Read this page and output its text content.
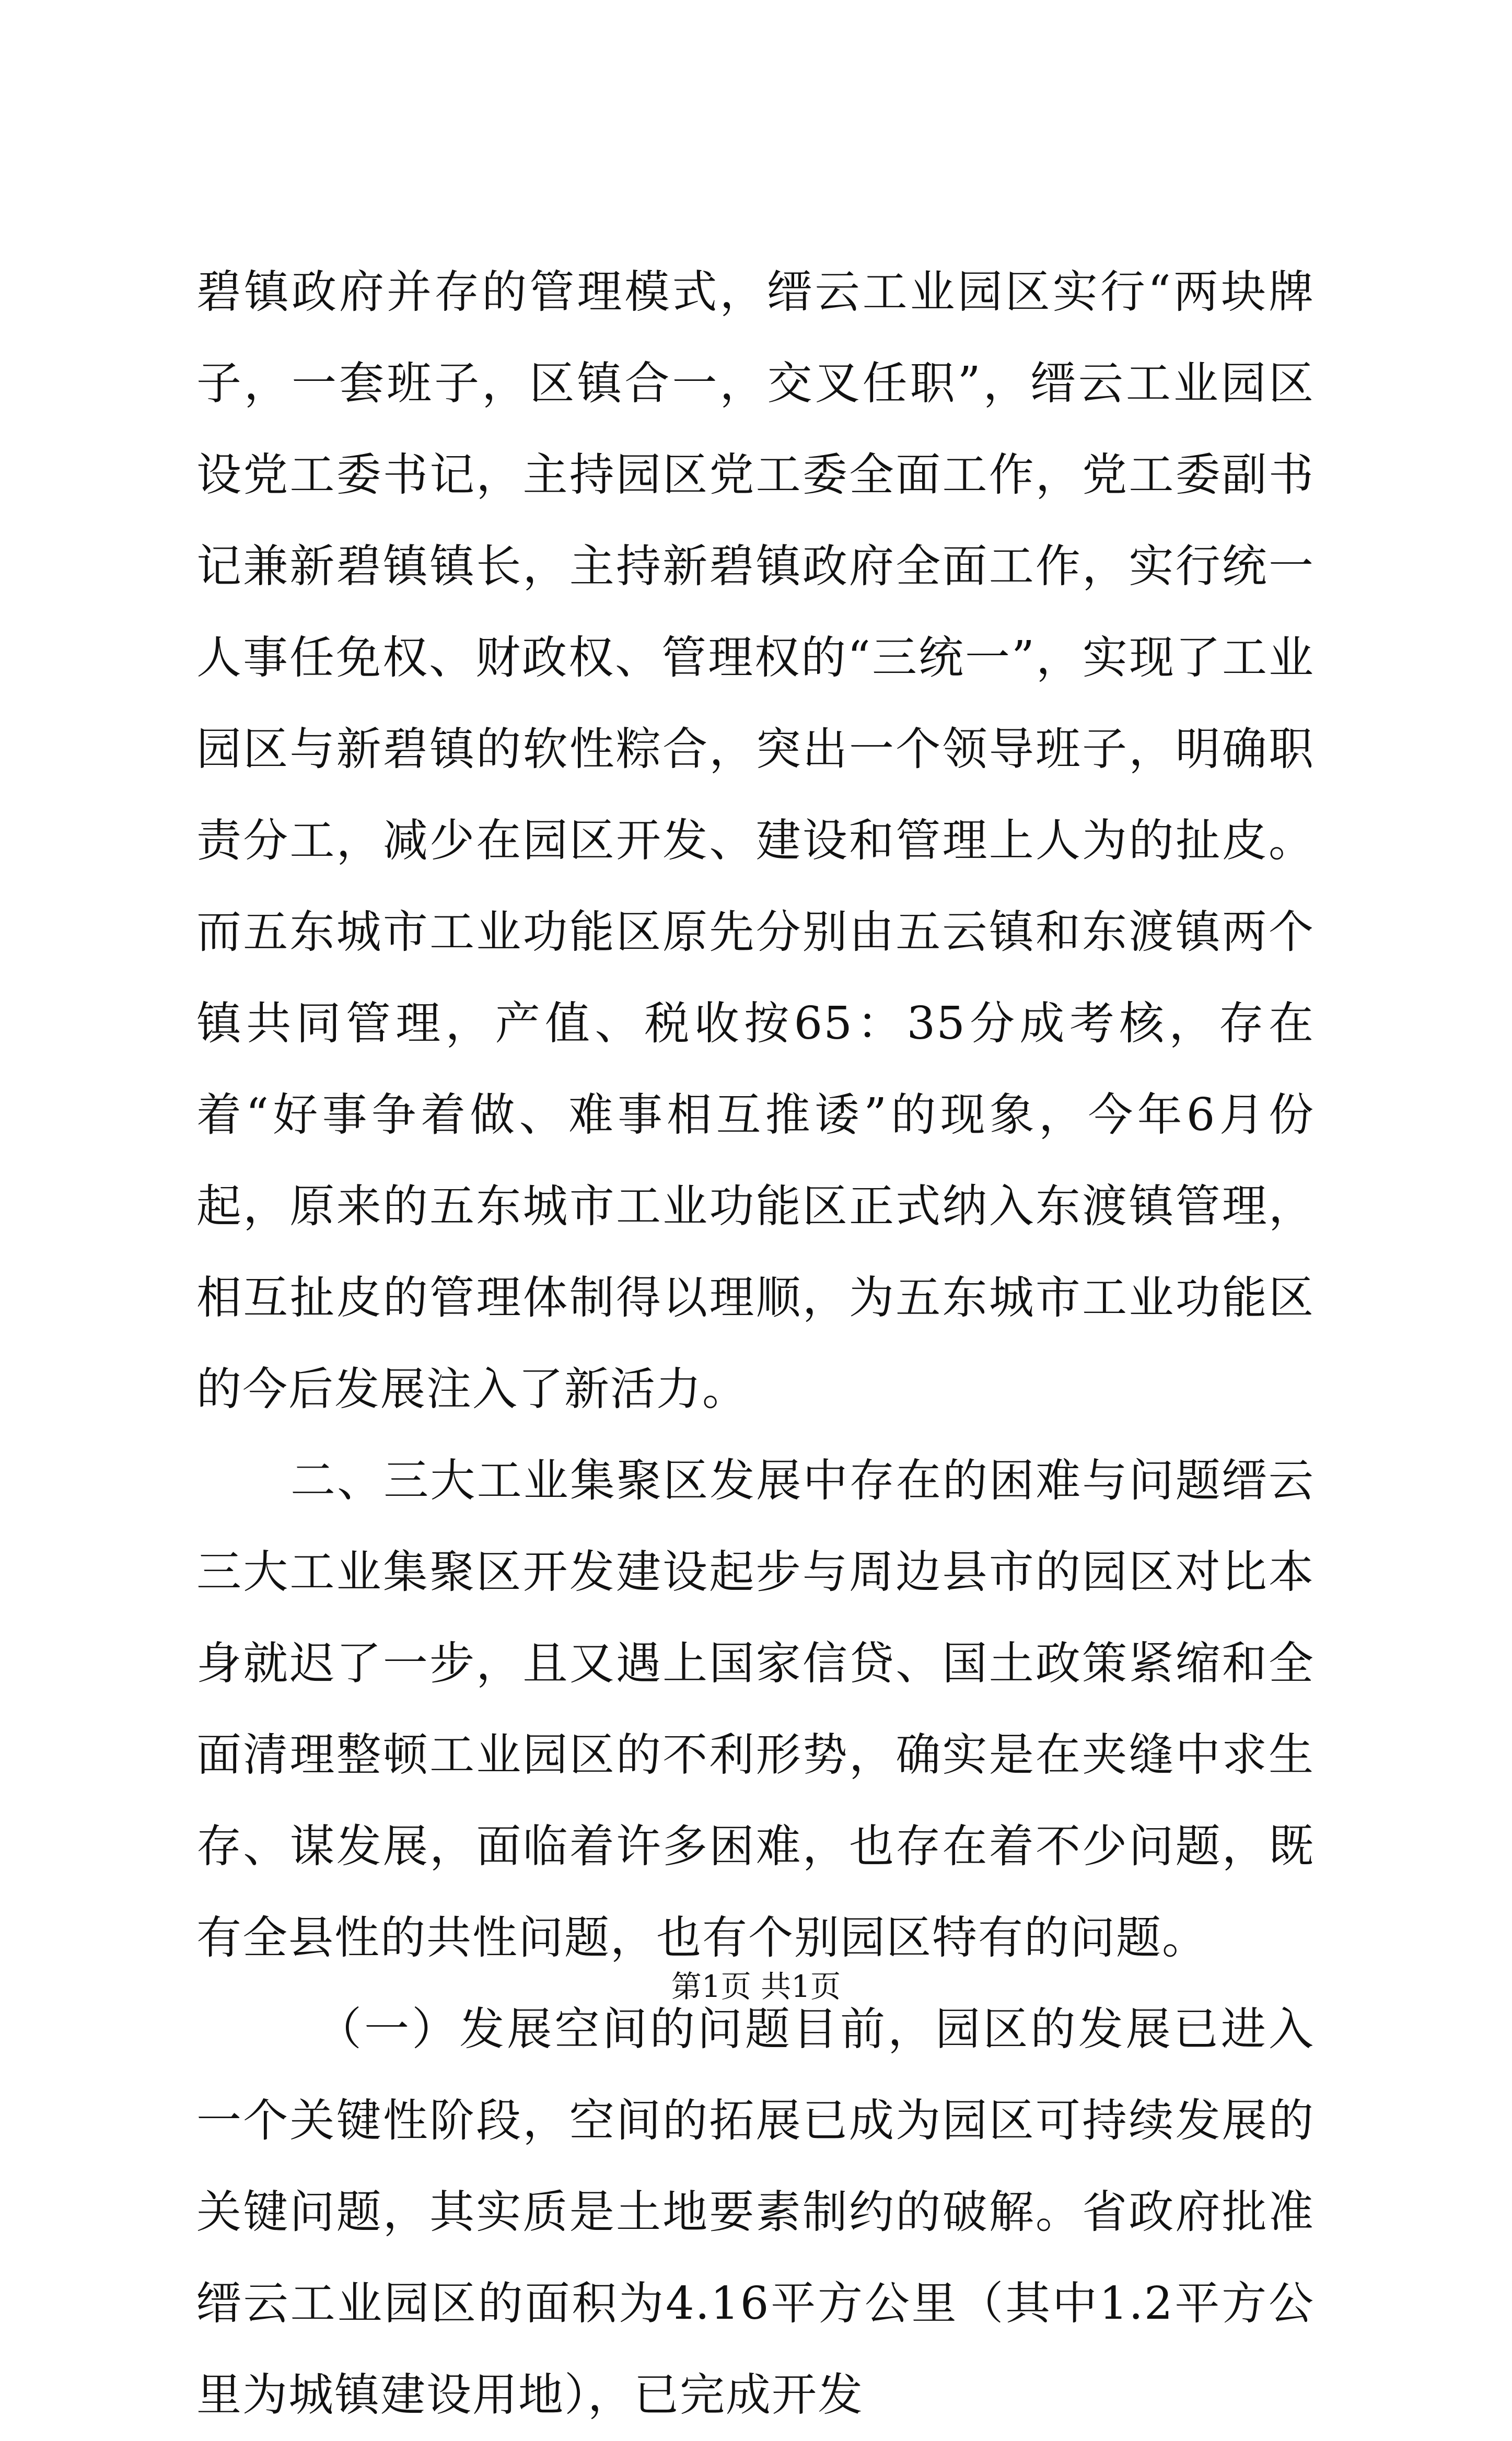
碧镇政府并存的管理模式，缙云工业园区实行“两块牌子，一套班子，区镇合一，交叉任职”，缙云工业园区设党工委书记，主持园区党工委全面工作，党工委副书记兼新碧镇镇长，主持新碧镇政府全面工作，实行统一人事任免权、财政权、管理权的“三统一”，实现了工业园区与新碧镇的软性粽合，突出一个领导班子，明确职责分工，减少在园区开发、建设和管理上人为的扯皮。而五东城市工业功能区原先分别由五云镇和东渡镇两个镇共同管理，产值、税收按65：35分成考核，存在着“好事争着做、难事相互推诿”的现象，今年6月份起，原来的五东城市工业功能区正式纳入东渡镇管理，相互扯皮的管理体制得以理顺，为五东城市工业功能区的今后发展注入了新活力。

二、三大工业集聚区发展中存在的困难与问题缙云三大工业集聚区开发建设起步与周边县市的园区对比本身就迟了一步，且又遇上国家信贷、国土政策紧缩和全面清理整顿工业园区的不利形势，确实是在夹缝中求生存、谋发展，面临着许多困难，也存在着不少问题，既有全县性的共性问题，也有个别园区特有的问题。

（一）发展空间的问题目前，园区的发展已进入一个关键性阶段，空间的拓展已成为园区可持续发展的关键问题，其实质是土地要素制约的破解。省政府批准缙云工业园区的面积为4.16平方公里（其中1.2平方公里为城镇建设用地），已完成开发

第1页 共1页
